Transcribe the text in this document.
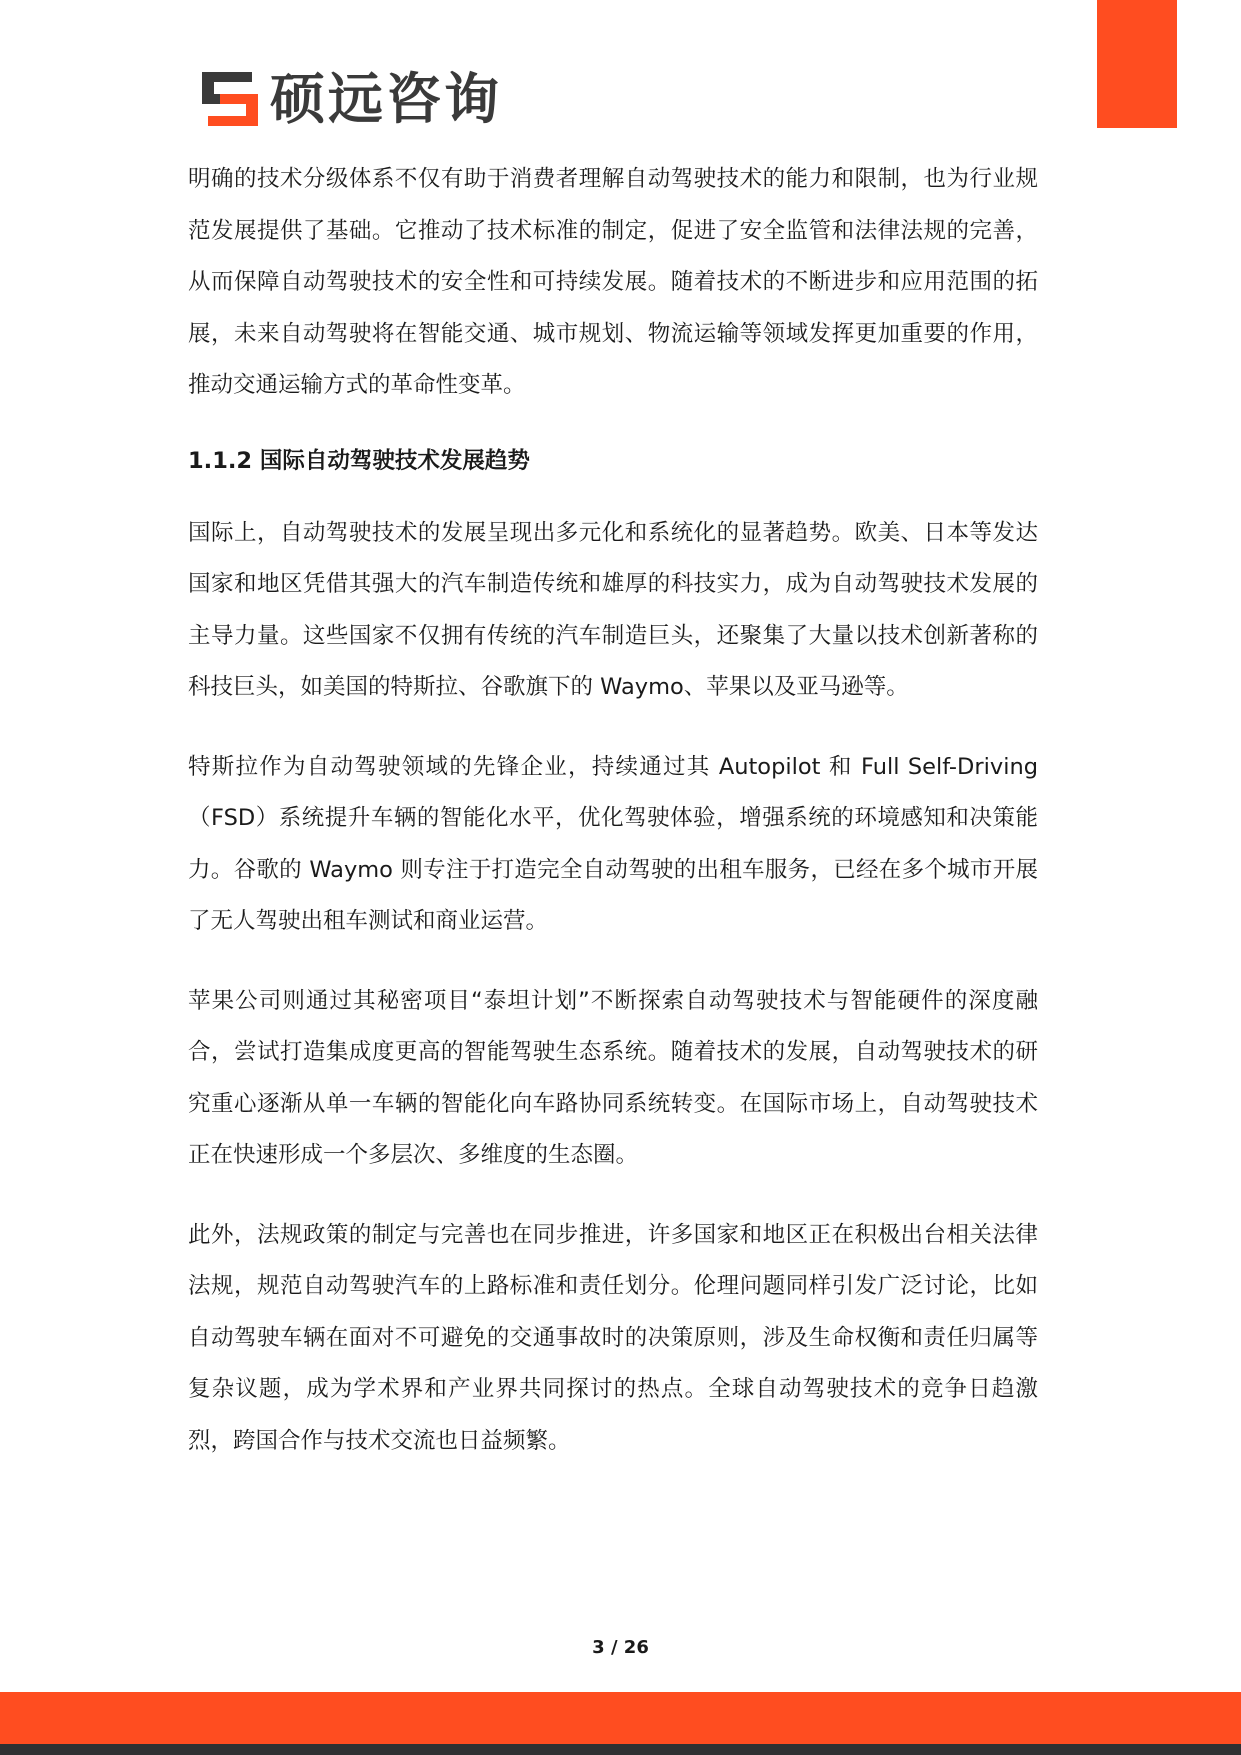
硕远咨询

明确的技术分级体系不仅有助于消费者理解自动驾驶技术的能力和限制，也为行业规范发展提供了基础。它推动了技术标准的制定，促进了安全监管和法律法规的完善，从而保障自动驾驶技术的安全性和可持续发展。随着技术的不断进步和应用范围的拓展，未来自动驾驶将在智能交通、城市规划、物流运输等领域发挥更加重要的作用，推动交通运输方式的革命性变革。

1.1.2 国际自动驾驶技术发展趋势

国际上，自动驾驶技术的发展呈现出多元化和系统化的显著趋势。欧美、日本等发达国家和地区凭借其强大的汽车制造传统和雄厚的科技实力，成为自动驾驶技术发展的主导力量。这些国家不仅拥有传统的汽车制造巨头，还聚集了大量以技术创新著称的科技巨头，如美国的特斯拉、谷歌旗下的 Waymo、苹果以及亚马逊等。

特斯拉作为自动驾驶领域的先锋企业，持续通过其 Autopilot 和 Full Self-Driving（FSD）系统提升车辆的智能化水平，优化驾驶体验，增强系统的环境感知和决策能力。谷歌的 Waymo 则专注于打造完全自动驾驶的出租车服务，已经在多个城市开展了无人驾驶出租车测试和商业运营。

苹果公司则通过其秘密项目“泰坦计划”不断探索自动驾驶技术与智能硬件的深度融合，尝试打造集成度更高的智能驾驶生态系统。随着技术的发展，自动驾驶技术的研究重心逐渐从单一车辆的智能化向车路协同系统转变。在国际市场上，自动驾驶技术正在快速形成一个多层次、多维度的生态圈。

此外，法规政策的制定与完善也在同步推进，许多国家和地区正在积极出台相关法律法规，规范自动驾驶汽车的上路标准和责任划分。伦理问题同样引发广泛讨论，比如自动驾驶车辆在面对不可避免的交通事故时的决策原则，涉及生命权衡和责任归属等复杂议题，成为学术界和产业界共同探讨的热点。全球自动驾驶技术的竞争日趋激烈，跨国合作与技术交流也日益频繁。

3 / 26
